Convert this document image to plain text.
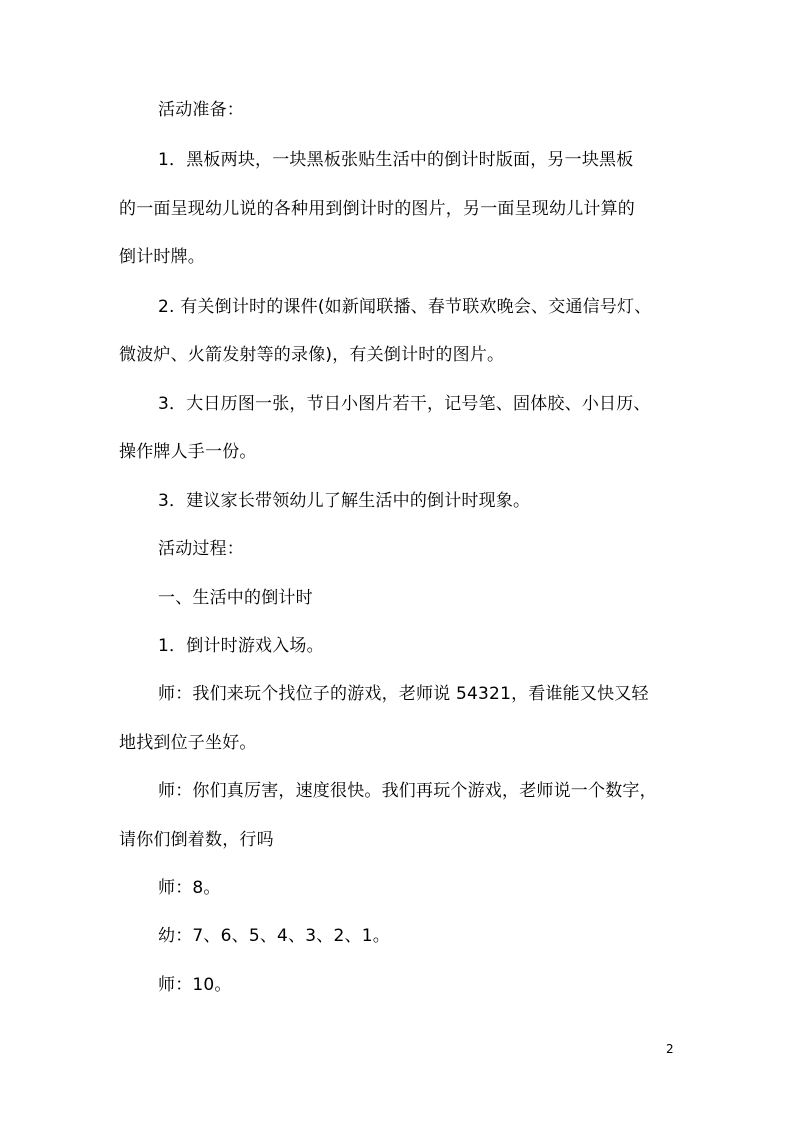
活动准备：
1．黑板两块，一块黑板张贴生活中的倒计时版面，另一块黑板
的一面呈现幼儿说的各种用到倒计时的图片，另一面呈现幼儿计算的
倒计时牌。
2. 有关倒计时的课件(如新闻联播、春节联欢晚会、交通信号灯、
微波炉、火箭发射等的录像)，有关倒计时的图片。
3．大日历图一张，节日小图片若干，记号笔、固体胶、小日历、
操作牌人手一份。
3．建议家长带领幼儿了解生活中的倒计时现象。
活动过程：
一、生活中的倒计时
1．倒计时游戏入场。
师：我们来玩个找位子的游戏，老师说 54321，看谁能又快又轻
地找到位子坐好。
师：你们真厉害，速度很快。我们再玩个游戏，老师说一个数字，
请你们倒着数，行吗
师：8。
幼：7、6、5、4、3、2、1。
师：10。
2
